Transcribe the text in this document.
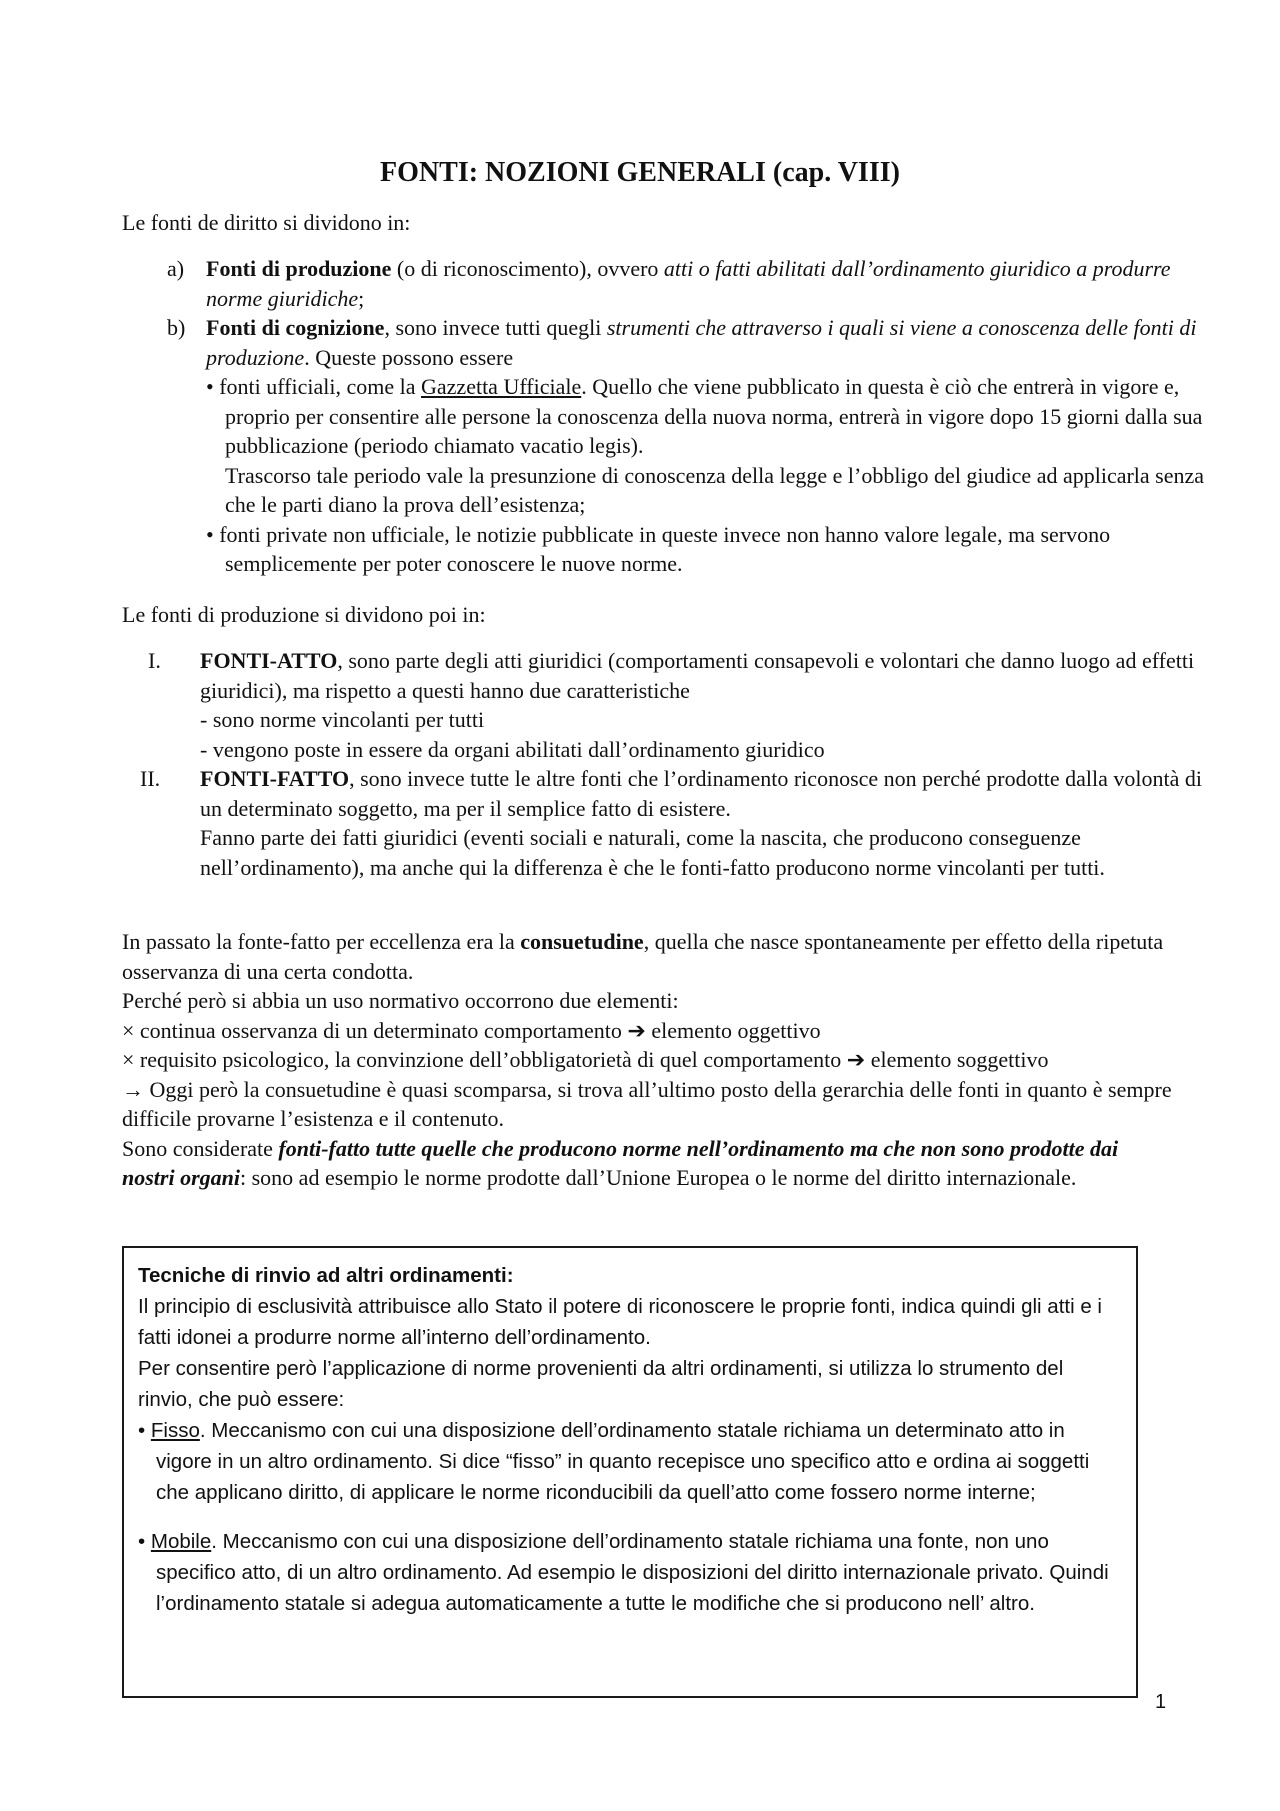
FONTI: NOZIONI GENERALI (cap. VIII)

Le fonti de diritto si dividono in:

a) Fonti di produzione (o di riconoscimento), ovvero atti o fatti abilitati dall’ordinamento giuridico a produrre norme giuridiche;
b) Fonti di cognizione, sono invece tutti quegli strumenti che attraverso i quali si viene a conoscenza delle fonti di produzione. Queste possono essere
• fonti ufficiali, come la Gazzetta Ufficiale. Quello che viene pubblicato in questa è ciò che entrerà in vigore e, proprio per consentire alle persone la conoscenza della nuova norma, entrerà in vigore dopo 15 giorni dalla sua pubblicazione (periodo chiamato vacatio legis).
Trascorso tale periodo vale la presunzione di conoscenza della legge e l’obbligo del giudice ad applicarla senza che le parti diano la prova dell’esistenza;
• fonti private non ufficiale, le notizie pubblicate in queste invece non hanno valore legale, ma servono semplicemente per poter conoscere le nuove norme.

Le fonti di produzione si dividono poi in:

I. FONTI-ATTO, sono parte degli atti giuridici (comportamenti consapevoli e volontari che danno luogo ad effetti giuridici), ma rispetto a questi hanno due caratteristiche
- sono norme vincolanti per tutti
- vengono poste in essere da organi abilitati dall’ordinamento giuridico
II. FONTI-FATTO, sono invece tutte le altre fonti che l’ordinamento riconosce non perché prodotte dalla volontà di un determinato soggetto, ma per il semplice fatto di esistere.
Fanno parte dei fatti giuridici (eventi sociali e naturali, come la nascita, che producono conseguenze nell’ordinamento), ma anche qui la differenza è che le fonti-fatto producono norme vincolanti per tutti.
In passato la fonte-fatto per eccellenza era la consuetudine, quella che nasce spontaneamente per effetto della ripetuta osservanza di una certa condotta.
Perché però si abbia un uso normativo occorrono due elementi:
× continua osservanza di un determinato comportamento ➔ elemento oggettivo
× requisito psicologico, la convinzione dell’obbligatorietà di quel comportamento ➔ elemento soggettivo
→ Oggi però la consuetudine è quasi scomparsa, si trova all’ultimo posto della gerarchia delle fonti in quanto è sempre difficile provarne l’esistenza e il contenuto.
Sono considerate fonti-fatto tutte quelle che producono norme nell’ordinamento ma che non sono prodotte dai nostri organi: sono ad esempio le norme prodotte dall’Unione Europea o le norme del diritto internazionale.

Tecniche di rinvio ad altri ordinamenti:

Il principio di esclusività attribuisce allo Stato il potere di riconoscere le proprie fonti, indica quindi gli atti e i fatti idonei a produrre norme all’interno dell’ordinamento.

Per consentire però l’applicazione di norme provenienti da altri ordinamenti, si utilizza lo strumento del rinvio, che può essere:

• Fisso. Meccanismo con cui una disposizione dell’ordinamento statale richiama un determinato atto in vigore in un altro ordinamento. Si dice “fisso” in quanto recepisce uno specifico atto e ordina ai soggetti che applicano diritto, di applicare le norme riconducibili da quell’atto come fossero norme interne;

• Mobile. Meccanismo con cui una disposizione dell’ordinamento statale richiama una fonte, non uno specifico atto, di un altro ordinamento. Ad esempio le disposizioni del diritto internazionale privato. Quindi l’ordinamento statale si adegua automaticamente a tutte le modifiche che si producono nell’ altro.

1
